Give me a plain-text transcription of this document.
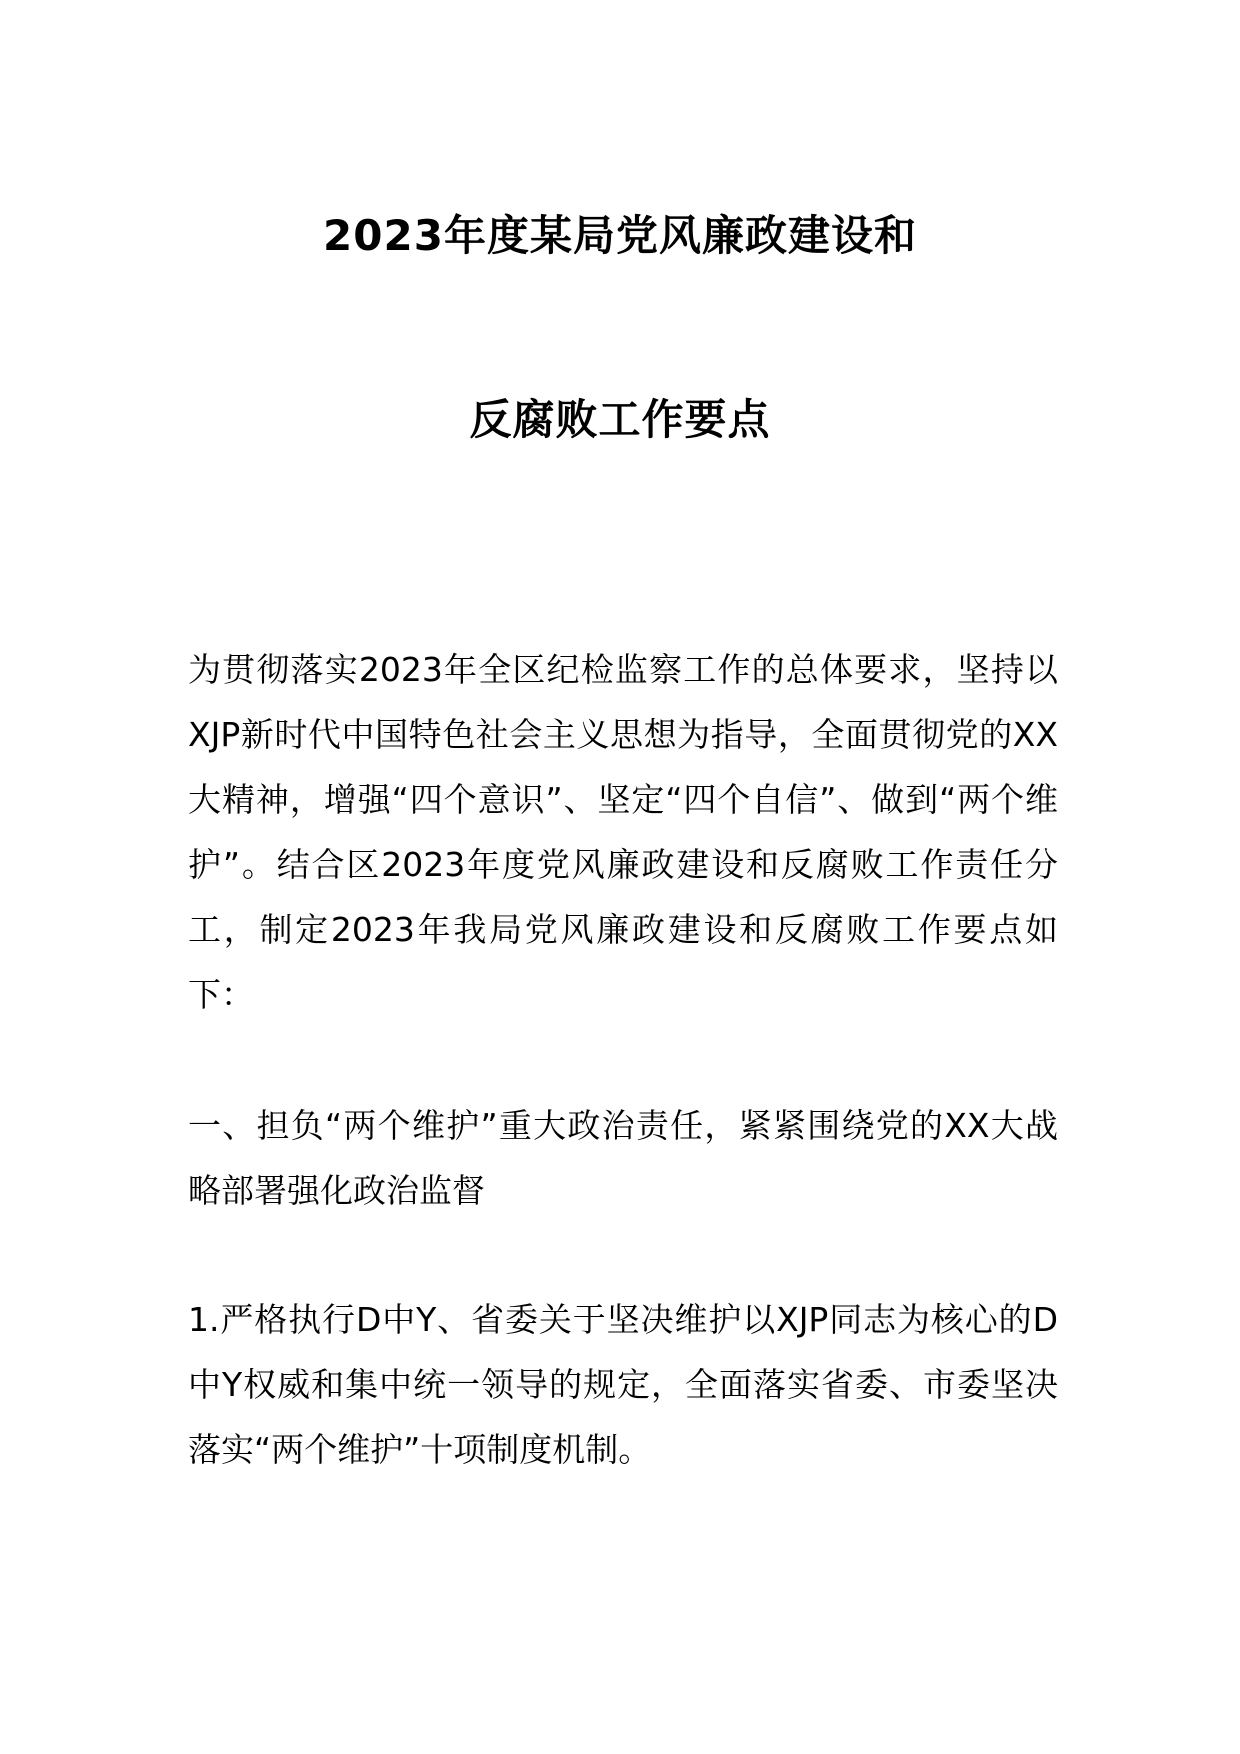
2023年度某局党风廉政建设和
反腐败工作要点
为贯彻落实2023年全区纪检监察工作的总体要求，坚持以XJP新时代中国特色社会主义思想为指导，全面贯彻党的XX大精神，增强“四个意识”、坚定“四个自信”、做到“两个维护”。结合区2023年度党风廉政建设和反腐败工作责任分工，制定2023年我局党风廉政建设和反腐败工作要点如下：
一、担负“两个维护”重大政治责任，紧紧围绕党的XX大战略部署强化政治监督
1.严格执行D中Y、省委关于坚决维护以XJP同志为核心的D中Y权威和集中统一领导的规定，全面落实省委、市委坚决落实“两个维护”十项制度机制。
